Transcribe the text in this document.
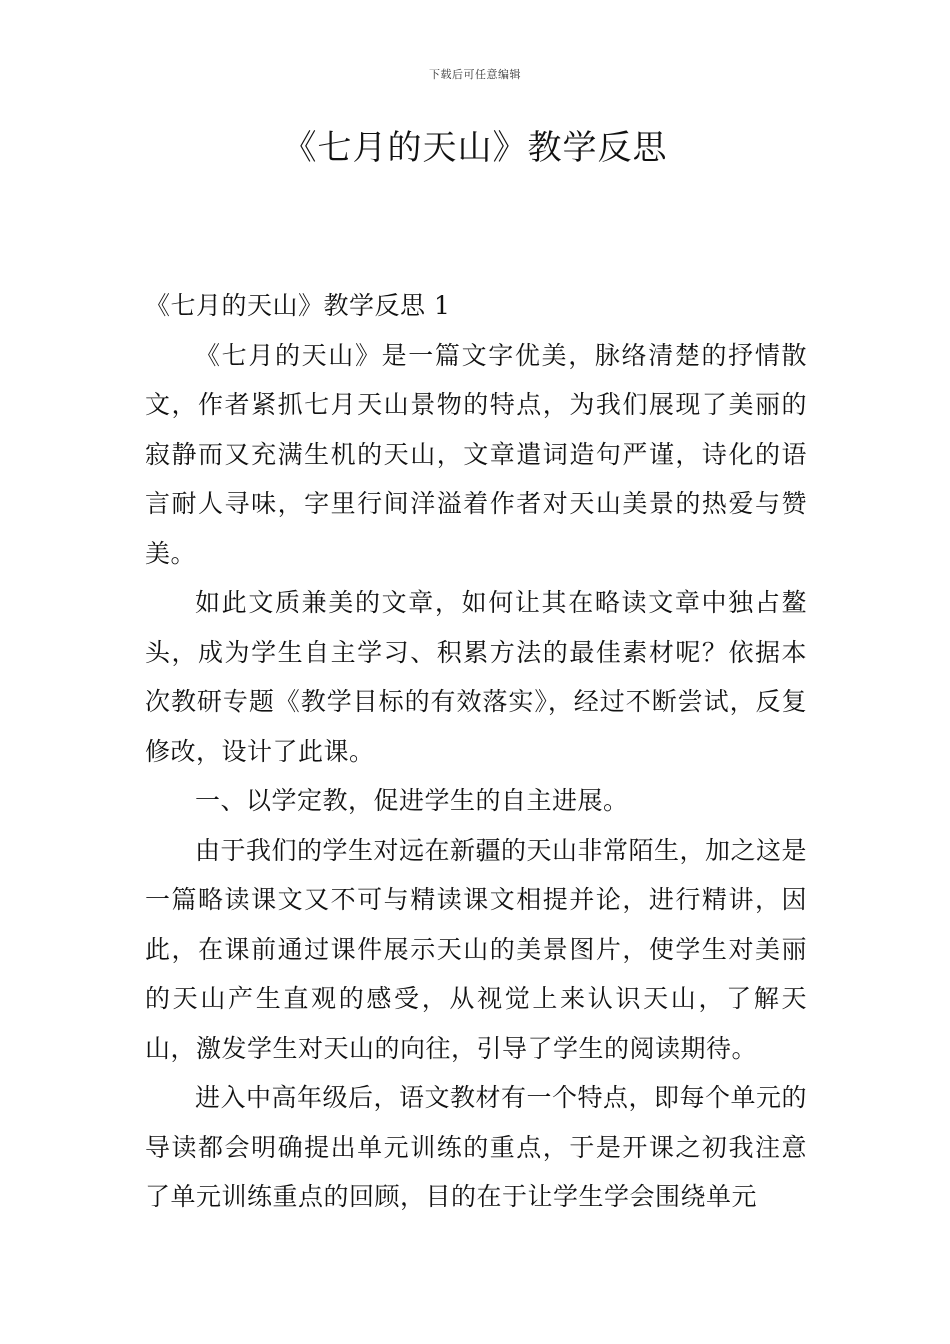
下载后可任意编辑
《七月的天山》教学反思

《七月的天山》教学反思 1

《七月的天山》是一篇文字优美，脉络清楚的抒情散文，作者紧抓七月天山景物的特点，为我们展现了美丽的寂静而又充满生机的天山，文章遣词造句严谨，诗化的语言耐人寻味，字里行间洋溢着作者对天山美景的热爱与赞美。

如此文质兼美的文章，如何让其在略读文章中独占鳌头，成为学生自主学习、积累方法的最佳素材呢？依据本次教研专题《教学目标的有效落实》，经过不断尝试，反复修改，设计了此课。

一、以学定教，促进学生的自主进展。

由于我们的学生对远在新疆的天山非常陌生，加之这是一篇略读课文又不可与精读课文相提并论，进行精讲，因此，在课前通过课件展示天山的美景图片，使学生对美丽的天山产生直观的感受，从视觉上来认识天山，了解天山，激发学生对天山的向往，引导了学生的阅读期待。

进入中高年级后，语文教材有一个特点，即每个单元的导读都会明确提出单元训练的重点，于是开课之初我注意了单元训练重点的回顾，目的在于让学生学会围绕单元
